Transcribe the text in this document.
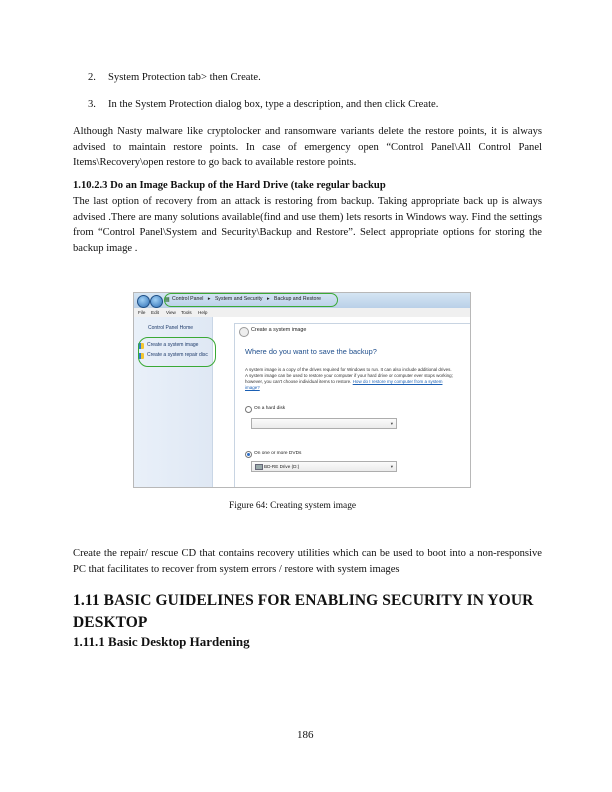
2. System Protection tab> then Create.
3. In the System Protection dialog box, type a description, and then click Create.
Although Nasty malware like cryptolocker and ransomware variants delete the restore points, it is always advised to maintain restore points. In case of emergency open “Control Panel\All Control Panel Items\Recovery\open restore to go back to available restore points.
1.10.2.3 Do an Image Backup of the Hard Drive (take regular backup
The last option of recovery from an attack is restoring from backup. Taking appropriate back up is always advised .There are many solutions available(find and use them) lets resorts in Windows way. Find the settings from “Control Panel\System and Security\Backup and Restore”. Select appropriate options for storing the backup image .
▦ Control Panel ▸ System and Security ▸ Backup and Restore
File Edit View Tools Help
Control Panel Home
Create a system image
Create a system repair disc
Create a system image
Where do you want to save the backup?
A system image is a copy of the drives required for Windows to run. It can also include additional drives. A system image can be used to restore your computer if your hard drive or computer ever stops working; however, you can't choose individual items to restore. How do I restore my computer from a system image?
On a hard disk
▾
On one or more DVDs
BD-RE Drive (D:)	▾
Figure 64: Creating system image
Create the repair/ rescue CD that contains recovery utilities which can be used to boot into a non-responsive PC that facilitates to recover from system errors / restore with system images
1.11 BASIC GUIDELINES FOR ENABLING SECURITY IN YOUR DESKTOP
1.11.1 Basic Desktop Hardening
186
